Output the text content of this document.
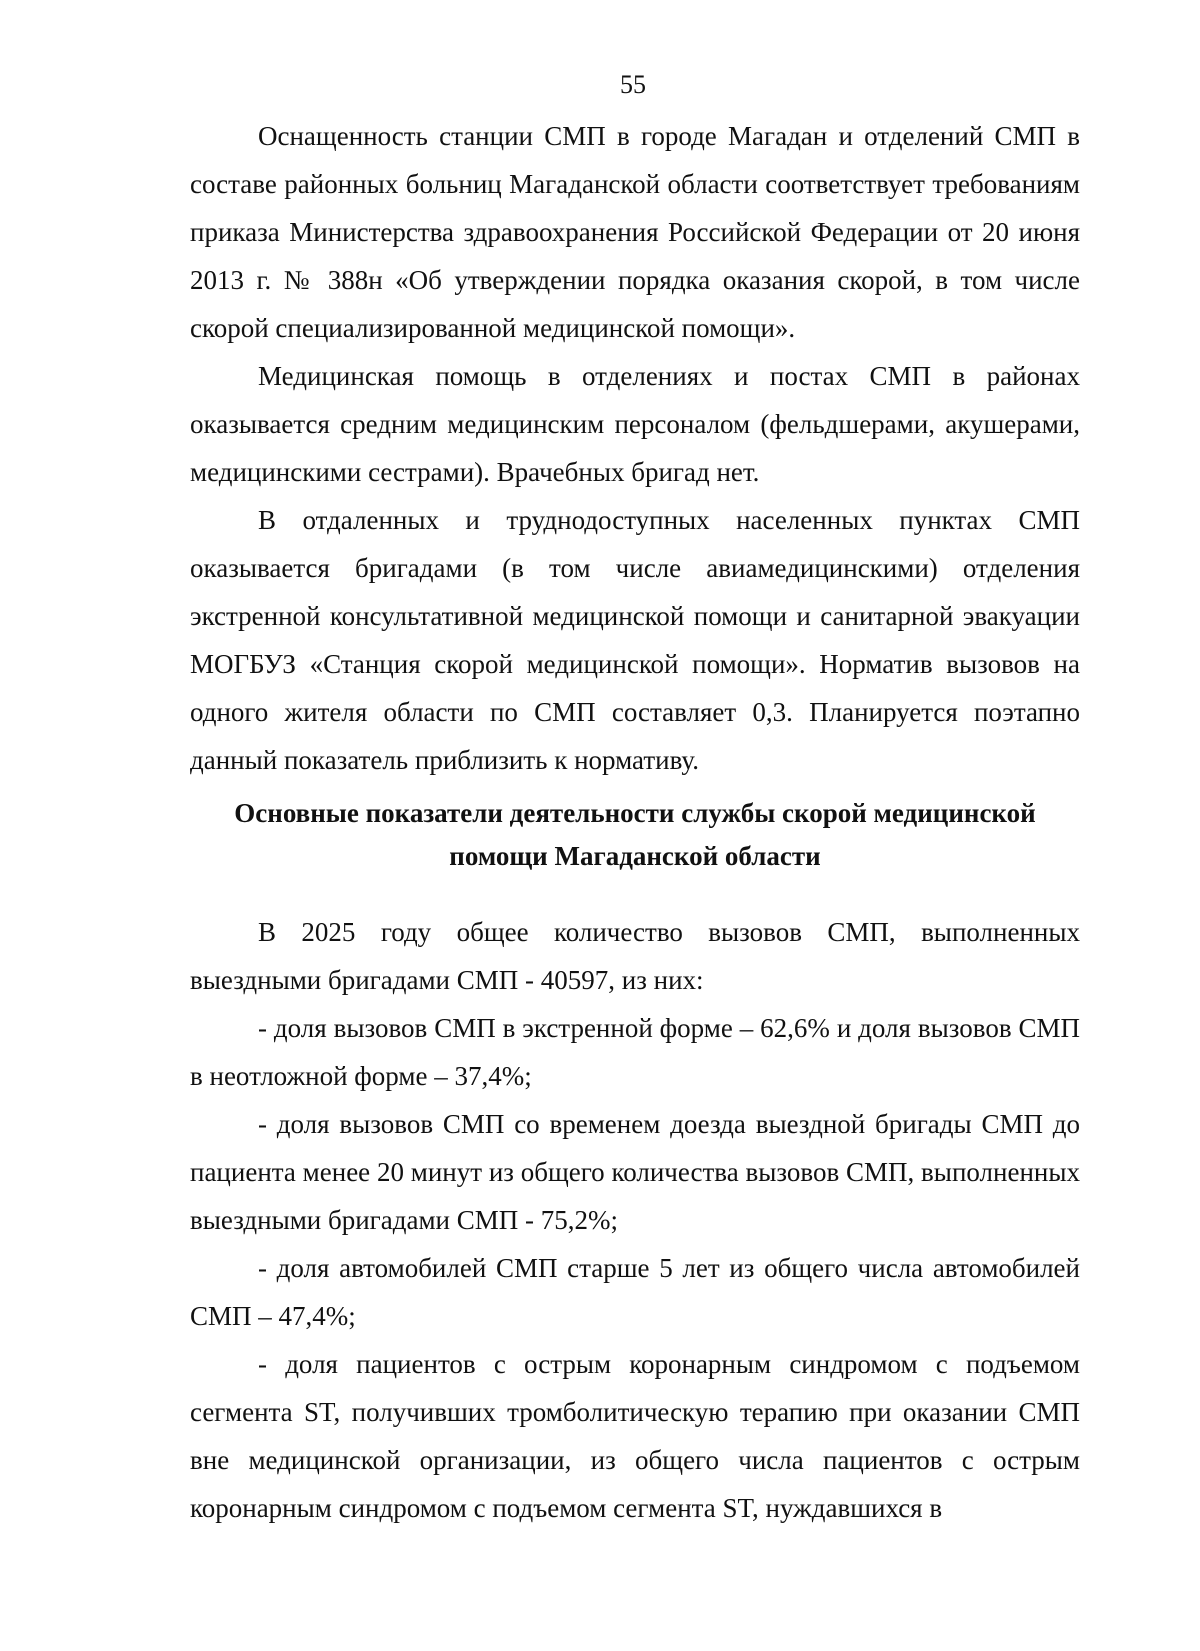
55

Оснащенность станции СМП в городе Магадан и отделений СМП в составе районных больниц Магаданской области соответствует требованиям приказа Министерства здравоохранения Российской Федерации от 20 июня 2013 г. № 388н «Об утверждении порядка оказания скорой, в том числе скорой специализированной медицинской помощи».

Медицинская помощь в отделениях и постах СМП в районах оказывается средним медицинским персоналом (фельдшерами, акушерами, медицинскими сестрами). Врачебных бригад нет.

В отдаленных и труднодоступных населенных пунктах СМП оказывается бригадами (в том числе авиамедицинскими) отделения экстренной консультативной медицинской помощи и санитарной эвакуации МОГБУЗ «Станция скорой медицинской помощи». Норматив вызовов на одного жителя области по СМП составляет 0,3. Планируется поэтапно данный показатель приблизить к нормативу.

Основные показатели деятельности службы скорой медицинской

помощи Магаданской области

В 2025 году общее количество вызовов СМП, выполненных выездными бригадами СМП - 40597, из них:

- доля вызовов СМП в экстренной форме – 62,6% и доля вызовов СМП в неотложной форме – 37,4%;

- доля вызовов СМП со временем доезда выездной бригады СМП до пациента менее 20 минут из общего количества вызовов СМП, выполненных выездными бригадами СМП - 75,2%;

- доля автомобилей СМП старше 5 лет из общего числа автомобилей СМП – 47,4%;

- доля пациентов с острым коронарным синдромом с подъемом сегмента ST, получивших тромболитическую терапию при оказании СМП вне медицинской организации, из общего числа пациентов с острым коронарным синдромом с подъемом сегмента ST, нуждавшихся в
